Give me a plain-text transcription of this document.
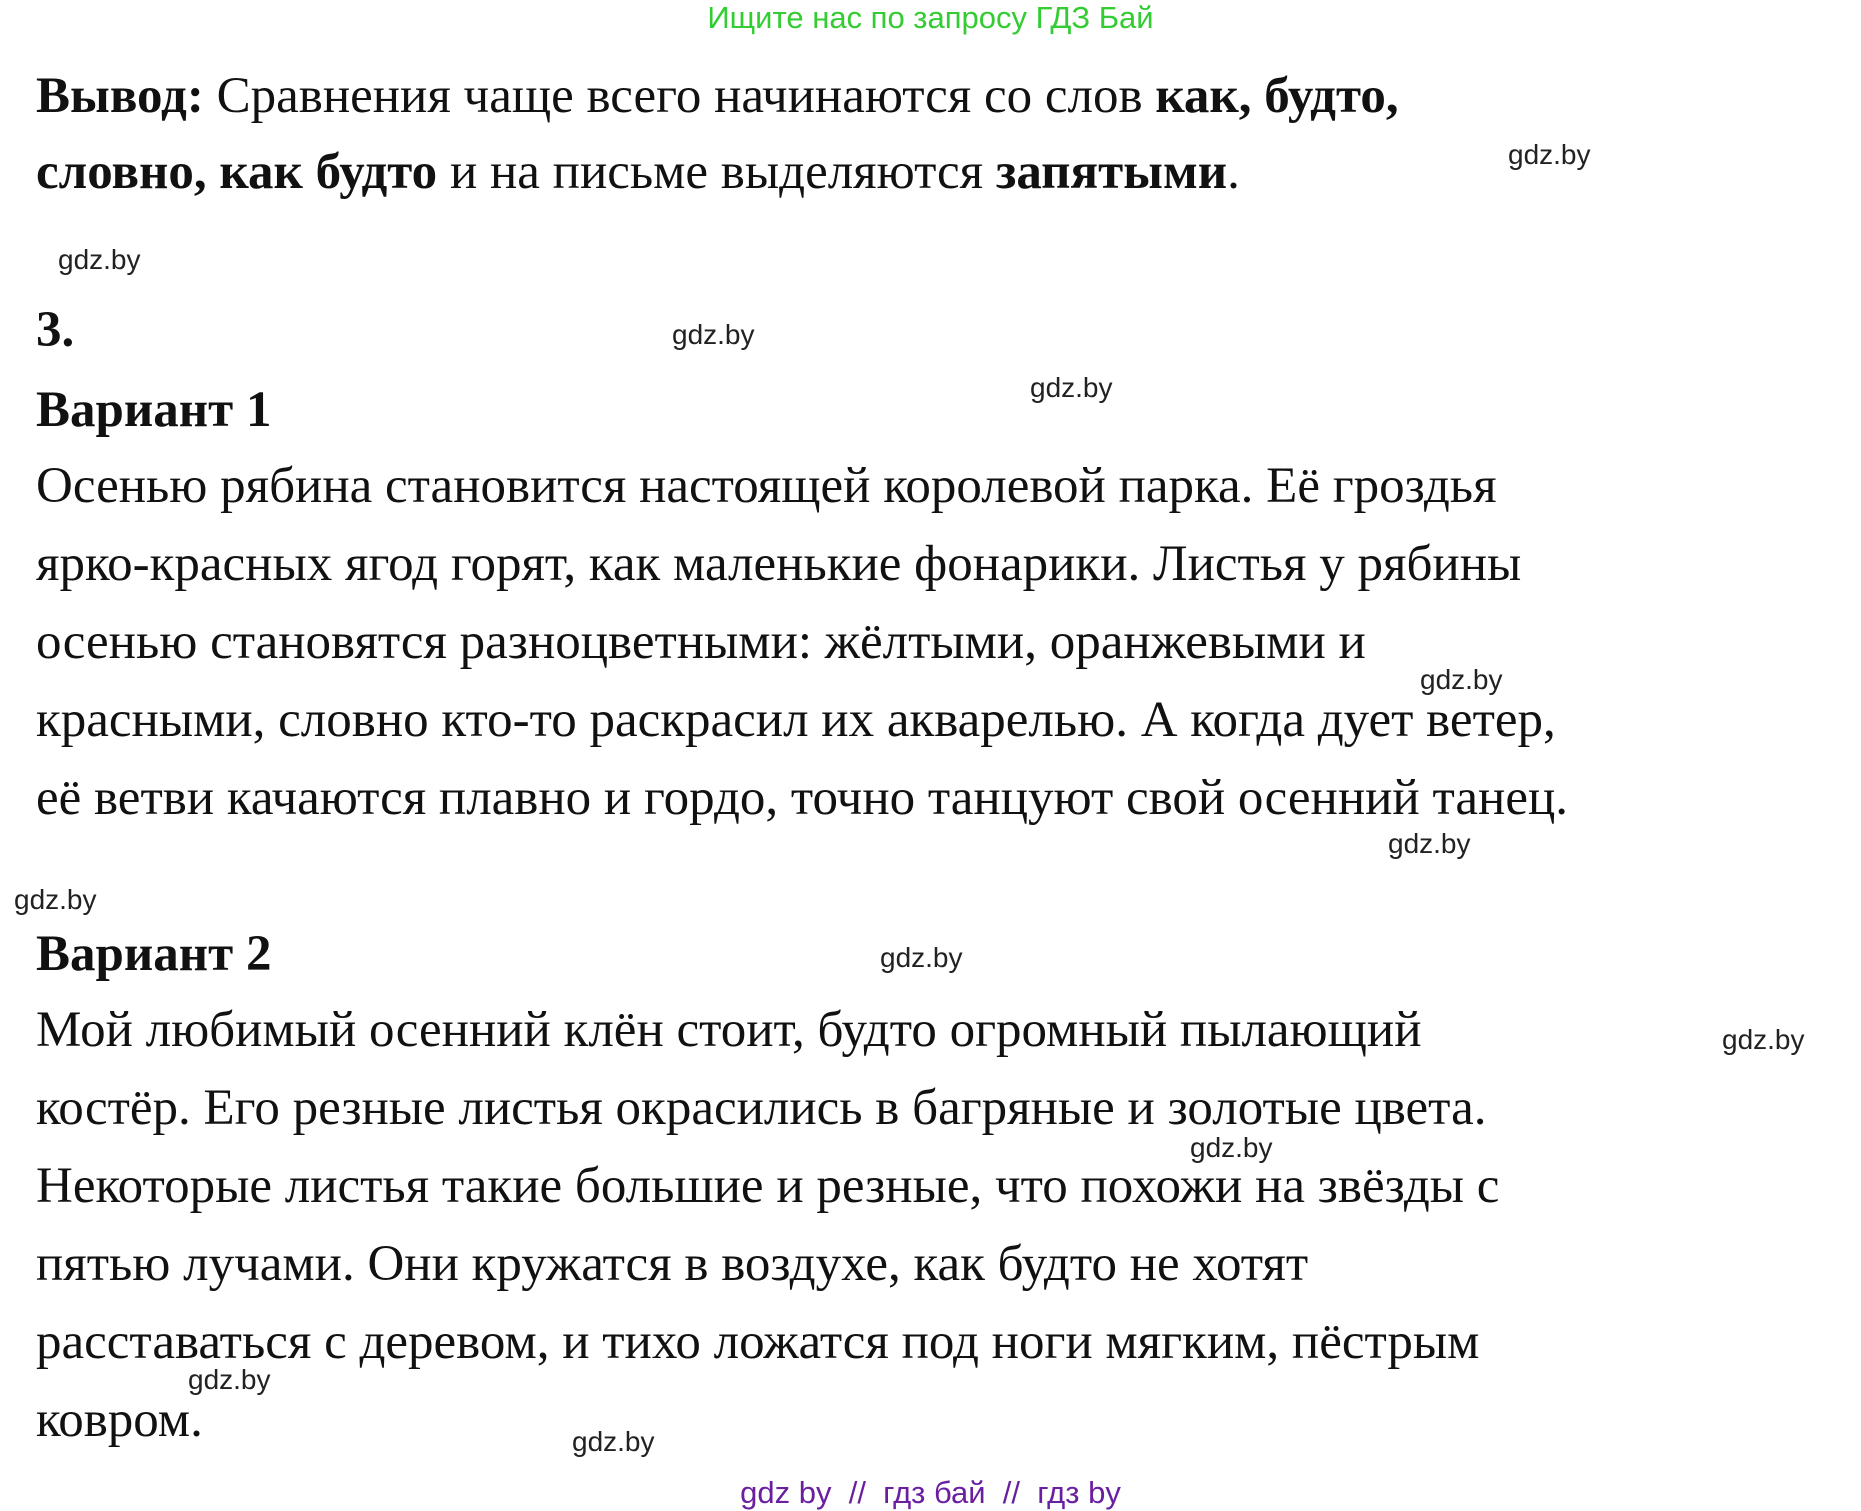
Ищите нас по запросу ГДЗ Бай
Вывод: Сравнения чаще всего начинаются со слов как, будто,
словно, как будто и на письме выделяются запятыми.
3.
Вариант 1
Осенью рябина становится настоящей королевой парка. Её гроздья
ярко-красных ягод горят, как маленькие фонарики. Листья у рябины
осенью становятся разноцветными: жёлтыми, оранжевыми и
красными, словно кто-то раскрасил их акварелью. А когда дует ветер,
её ветви качаются плавно и гордо, точно танцуют свой осенний танец.
Вариант 2
Мой любимый осенний клён стоит, будто огромный пылающий
костёр. Его резные листья окрасились в багряные и золотые цвета.
Некоторые листья такие большие и резные, что похожи на звёзды с
пятью лучами. Они кружатся в воздухе, как будто не хотят
расставаться с деревом, и тихо ложатся под ноги мягким, пёстрым
ковром.
gdz.by
gdz.by
gdz.by
gdz.by
gdz.by
gdz.by
gdz.by
gdz.by
gdz.by
gdz.by
gdz.by
gdz.by
gdz by  //  гдз бай  //  гдз by
